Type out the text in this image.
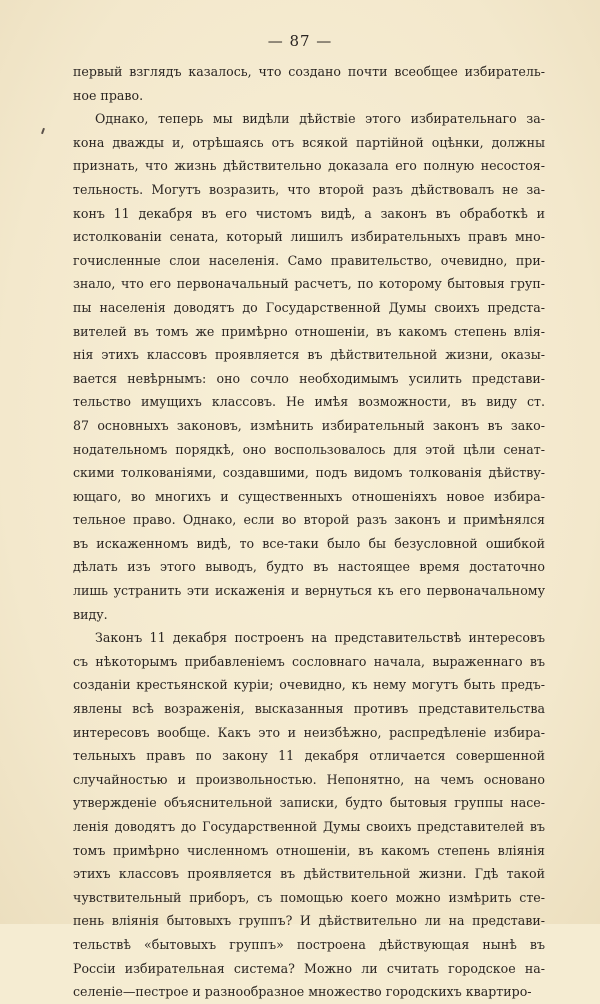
— 87 —
первый взглядъ казалось, что создано почти всеобщее избиратель-
ное право.
Однако, теперь мы видѣли дѣйствіе этого избирательнаго за-
кона дважды и, отрѣшаясь отъ всякой партійной оцѣнки, должны
признать, что жизнь дѣйствительно доказала его полную несостоя-
тельность. Могутъ возразить, что второй разъ дѣйствовалъ не за-
конъ 11 декабря въ его чистомъ видѣ, а законъ въ обработкѣ и
истолкованіи сената, который лишилъ избирательныхъ правъ мно-
гочисленные слои населенія. Само правительство, очевидно, при-
знало, что его первоначальный расчетъ, по которому бытовыя груп-
пы населенія доводятъ до Государственной Думы своихъ предста-
вителей въ томъ же примѣрно отношеніи, въ какомъ степень влія-
нія этихъ классовъ проявляется въ дѣйствительной жизни, оказы-
вается невѣрнымъ: оно сочло необходимымъ усилить представи-
тельство имущихъ классовъ. Не имѣя возможности, въ виду ст.
87 основныхъ законовъ, измѣнить избирательный законъ въ зако-
нодательномъ порядкѣ, оно воспользовалось для этой цѣли сенат-
скими толкованіями, создавшими, подъ видомъ толкованія дѣйству-
ющаго, во многихъ и существенныхъ отношеніяхъ новое избира-
тельное право. Однако, если во второй разъ законъ и примѣнялся
въ искаженномъ видѣ, то все-таки было бы безусловной ошибкой
дѣлать изъ этого выводъ, будто въ настоящее время достаточно
лишь устранить эти искаженія и вернуться къ его первоначальному
виду.
Законъ 11 декабря построенъ на представительствѣ интересовъ
съ нѣкоторымъ прибавленіемъ сословнаго начала, выраженнаго въ
созданіи крестьянской куріи; очевидно, къ нему могутъ быть предъ-
явлены всѣ возраженія, высказанныя противъ представительства
интересовъ вообще. Какъ это и неизбѣжно, распредѣленіе избира-
тельныхъ правъ по закону 11 декабря отличается совершенной
случайностью и произвольностью. Непонятно, на чемъ основано
утвержденіе объяснительной записки, будто бытовыя группы насе-
ленія доводятъ до Государственной Думы своихъ представителей въ
томъ примѣрно численномъ отношеніи, въ какомъ степень вліянія
этихъ классовъ проявляется въ дѣйствительной жизни. Гдѣ такой
чувствительный приборъ, съ помощью коего можно измѣрить сте-
пень вліянія бытовыхъ группъ? И дѣйствительно ли на представи-
тельствѣ «бытовыхъ группъ» построена дѣйствующая нынѣ въ
Россіи избирательная система? Можно ли считать городское на-
селеніе—пестрое и разнообразное множество городскихъ квартиро-
